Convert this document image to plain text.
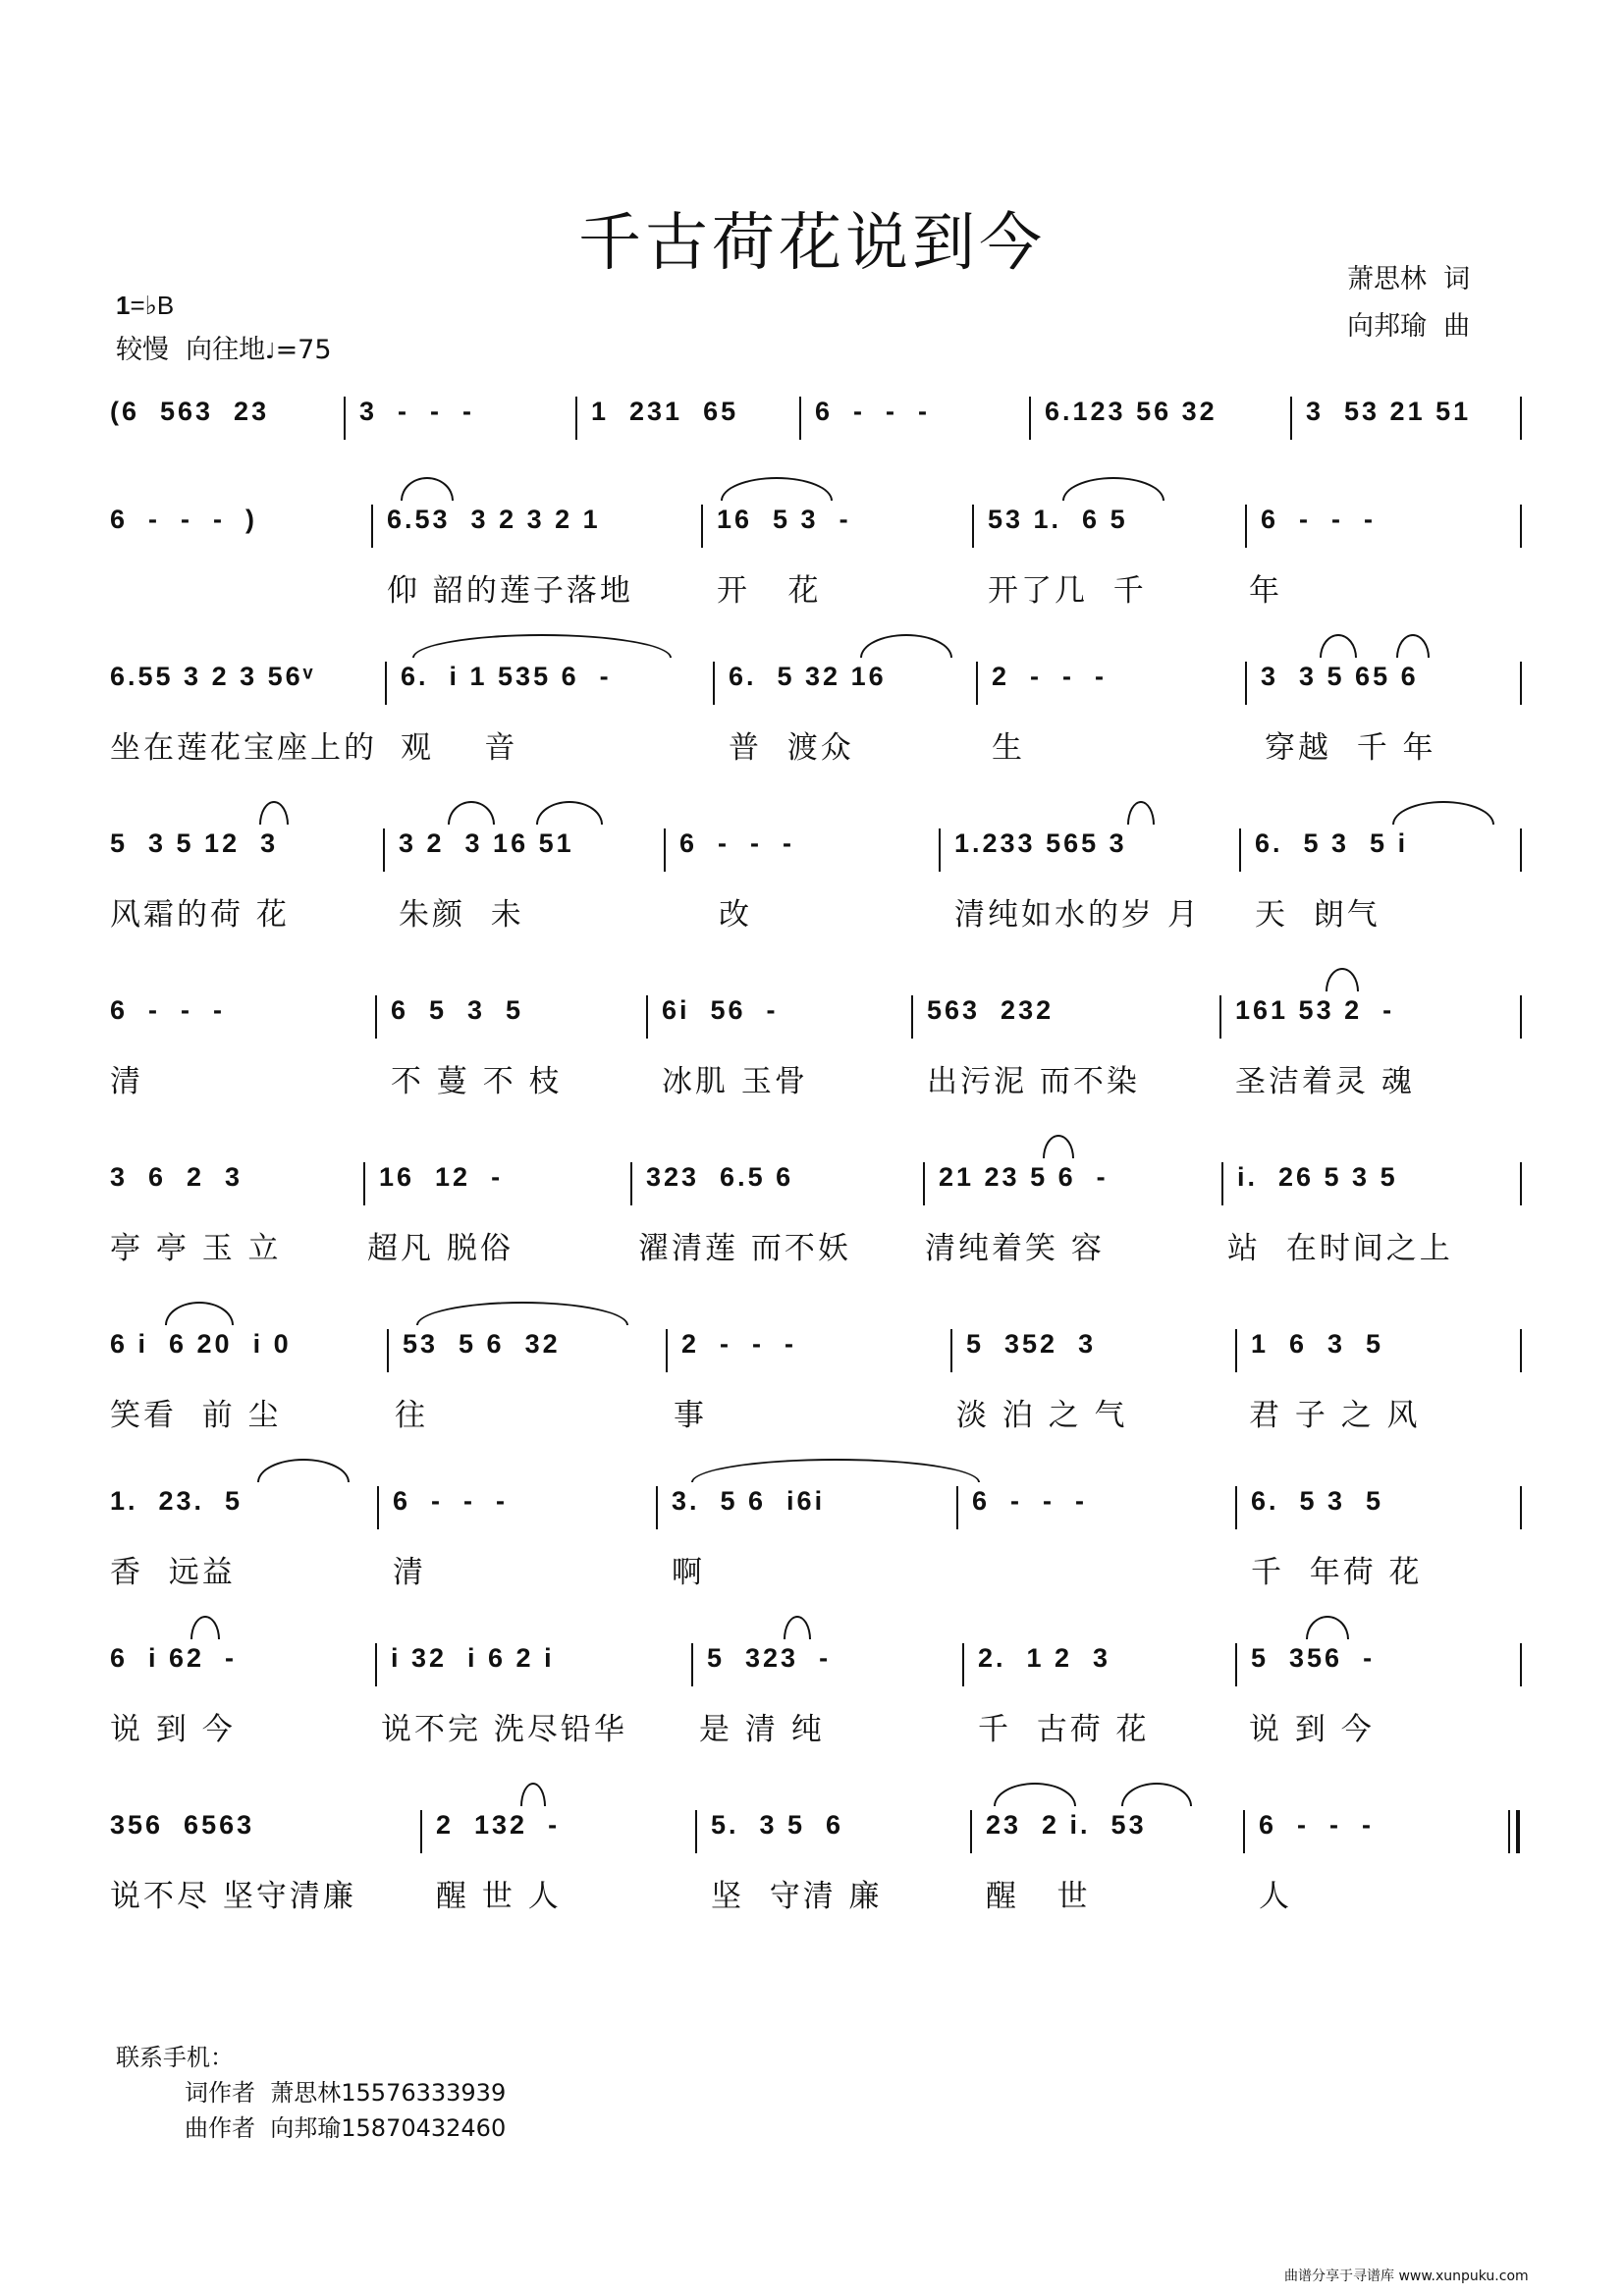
千古荷花说到今	萧思林  词
向邦瑜  曲
1=♭B
较慢  向往地♩=75

(6  563  23

	3  -  -  -

	1  231  65

	6  -  -  -

	6.123 56 32

	3  53 21 51

6  -  -  -  )

	6.53  3 2 3 2 1

	16  5 3  -

	53 1.  6 5

	6  -  -  -

仰 韶的莲子落地

	开   花

	开了几  千

	年

6.55 3 2 3 56ᵛ

	6.  i 1 535 6  -

	6.  5 32 16

	2  -  -  -

	3  3 5 65 6

坐在莲花宝座上的

观    音

	普  渡众

	生

	穿越  千 年

5  3 5 12  3

	3 2  3 16 51

	6  -  -  -

	1.233 565 3

	6.  5 3  5 i

风霜的荷 花

	朱颜  未

	改

	清纯如水的岁 月

天  朗气

6  -  -  -

	6  5  3  5

	6i  56  -

	563  232

	161 53 2  -

清

	不 蔓 不 枝

	冰肌 玉骨

	出污泥 而不染

	圣洁着灵 魂

3  6  2  3

	16  12  -

	323  6.5 6

	21 23 5 6  -

	i.  26 5 3 5

亭 亭 玉 立

	超凡 脱俗

	濯清莲 而不妖

清纯着笑 容

	站  在时间之上

6 i  6 20  i 0

	53  5 6  32

	2  -  -  -

	5  352  3

	1  6  3  5

笑看  前 尘

	往

	事

	淡 泊 之 气

	君 子 之 风

1.  23.  5

	6  -  -  -

	3.  5 6  i6i

	6  -  -  -

	6.  5 3  5

香  远益

	清

	啊

	千  年荷 花

6  i 62  -

	i 32  i 6 2 i

	5  323  -

	2.  1 2  3

	5  356  -

说 到 今

	说不完 洗尽铅华

是 清 纯

	千  古荷 花

	说 到 今

356  6563

	2  132  -

	5.  3 5  6

	23  2 i.  53

	6  -  -  -

说不尽 坚守清廉

	醒 世 人

	坚  守清 廉

	醒   世

	人

联系手机：
词作者  萧思林15576333939
曲作者  向邦瑜15870432460
曲谱分享于寻谱库 www.xunpuku.com
